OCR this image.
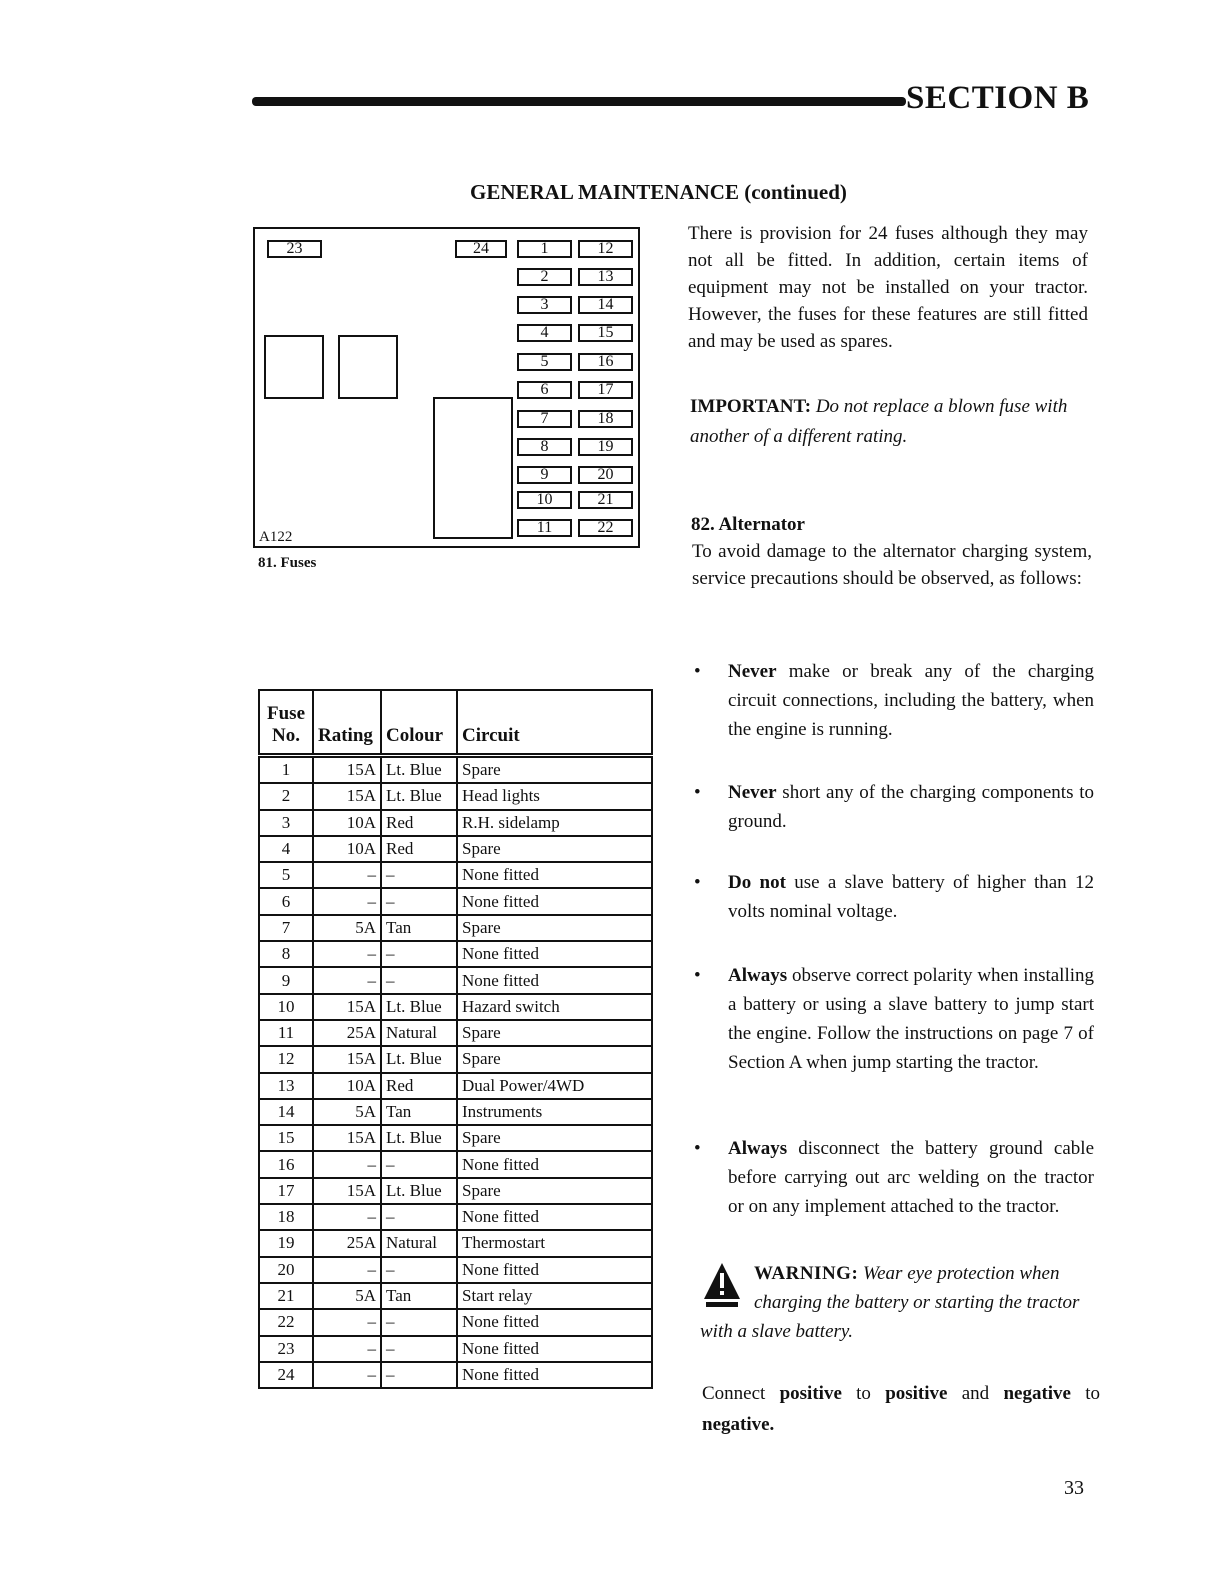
SECTION B
GENERAL MAINTENANCE (continued)
23	24	1
2
3
4
5
6
7
8
9
10
11
12
13
14
15
16
17
18
19
20
21
22
A122
81. Fuses
There is provision for 24 fuses although they may not all be fitted. In addition, certain items of equipment may not be installed on your tractor. However, the fuses for these features are still fitted and may be used as spares.
IMPORTANT: Do not replace a blown fuse with another of a different rating.
82. Alternator
To avoid damage to the alternator charging system, service precautions should be observed, as follows:
• Never make or break any of the charging circuit connections, including the battery, when the engine is running.
• Never short any of the charging components to ground.
• Do not use a slave battery of higher than 12 volts nominal voltage.
• Always observe correct polarity when installing a battery or using a slave battery to jump start the engine. Follow the instructions on page 7 of Section A when jump starting the tractor.
• Always disconnect the battery ground cable before carrying out arc welding on the tractor or on any implement attached to the tractor.
WARNING: Wear eye protection when charging the battery or starting the tractor with a slave battery.
Connect positive to positive and negative to negative.
Fuse
No.	Rating	Colour	Circuit
1	15A	Lt. Blue	Spare
2	15A	Lt. Blue	Head lights
3	10A	Red	R.H. sidelamp
4	10A	Red	Spare
5	–	–	None fitted
6	–	–	None fitted
7	5A	Tan	Spare
8	–	–	None fitted
9	–	–	None fitted
10	15A	Lt. Blue	Hazard switch
11	25A	Natural	Spare
12	15A	Lt. Blue	Spare
13	10A	Red	Dual Power/4WD
14	5A	Tan	Instruments
15	15A	Lt. Blue	Spare
16	–	–	None fitted
17	15A	Lt. Blue	Spare
18	–	–	None fitted
19	25A	Natural	Thermostart
20	–	–	None fitted
21	5A	Tan	Start relay
22	–	–	None fitted
23	–	–	None fitted
24	–	–	None fitted
33
